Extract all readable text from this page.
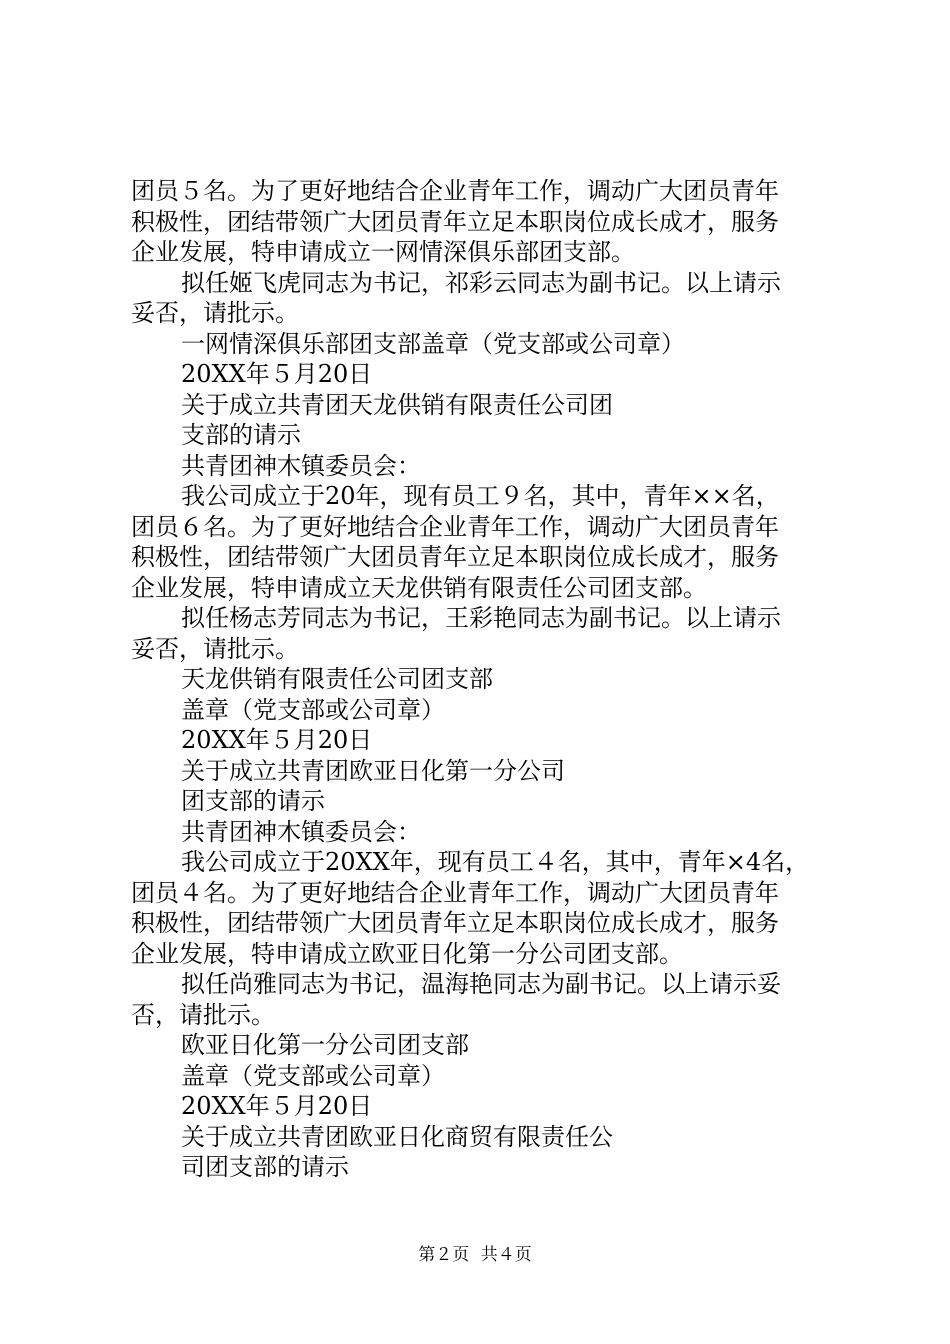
团员５名。为了更好地结合企业青年工作，调动广大团员青年
积极性，团结带领广大团员青年立足本职岗位成长成才，服务
企业发展，特申请成立一网情深俱乐部团支部。
拟任姬飞虎同志为书记，祁彩云同志为副书记。以上请示
妥否，请批示。
一网情深俱乐部团支部盖章（党支部或公司章）
20XX年５月20日
关于成立共青团天龙供销有限责任公司团
支部的请示
共青团神木镇委员会：
我公司成立于20年，现有员工９名，其中，青年××名，
团员６名。为了更好地结合企业青年工作，调动广大团员青年
积极性，团结带领广大团员青年立足本职岗位成长成才，服务
企业发展，特申请成立天龙供销有限责任公司团支部。
拟任杨志芳同志为书记，王彩艳同志为副书记。以上请示
妥否，请批示。
天龙供销有限责任公司团支部
盖章（党支部或公司章）
20XX年５月20日
关于成立共青团欧亚日化第一分公司
团支部的请示
共青团神木镇委员会：
我公司成立于20XX年，现有员工４名，其中，青年×4名，
团员４名。为了更好地结合企业青年工作，调动广大团员青年
积极性，团结带领广大团员青年立足本职岗位成长成才，服务
企业发展，特申请成立欧亚日化第一分公司团支部。
拟任尚雅同志为书记，温海艳同志为副书记。以上请示妥
否，请批示。
欧亚日化第一分公司团支部
盖章（党支部或公司章）
20XX年５月20日
关于成立共青团欧亚日化商贸有限责任公
司团支部的请示
第２页 共４页
